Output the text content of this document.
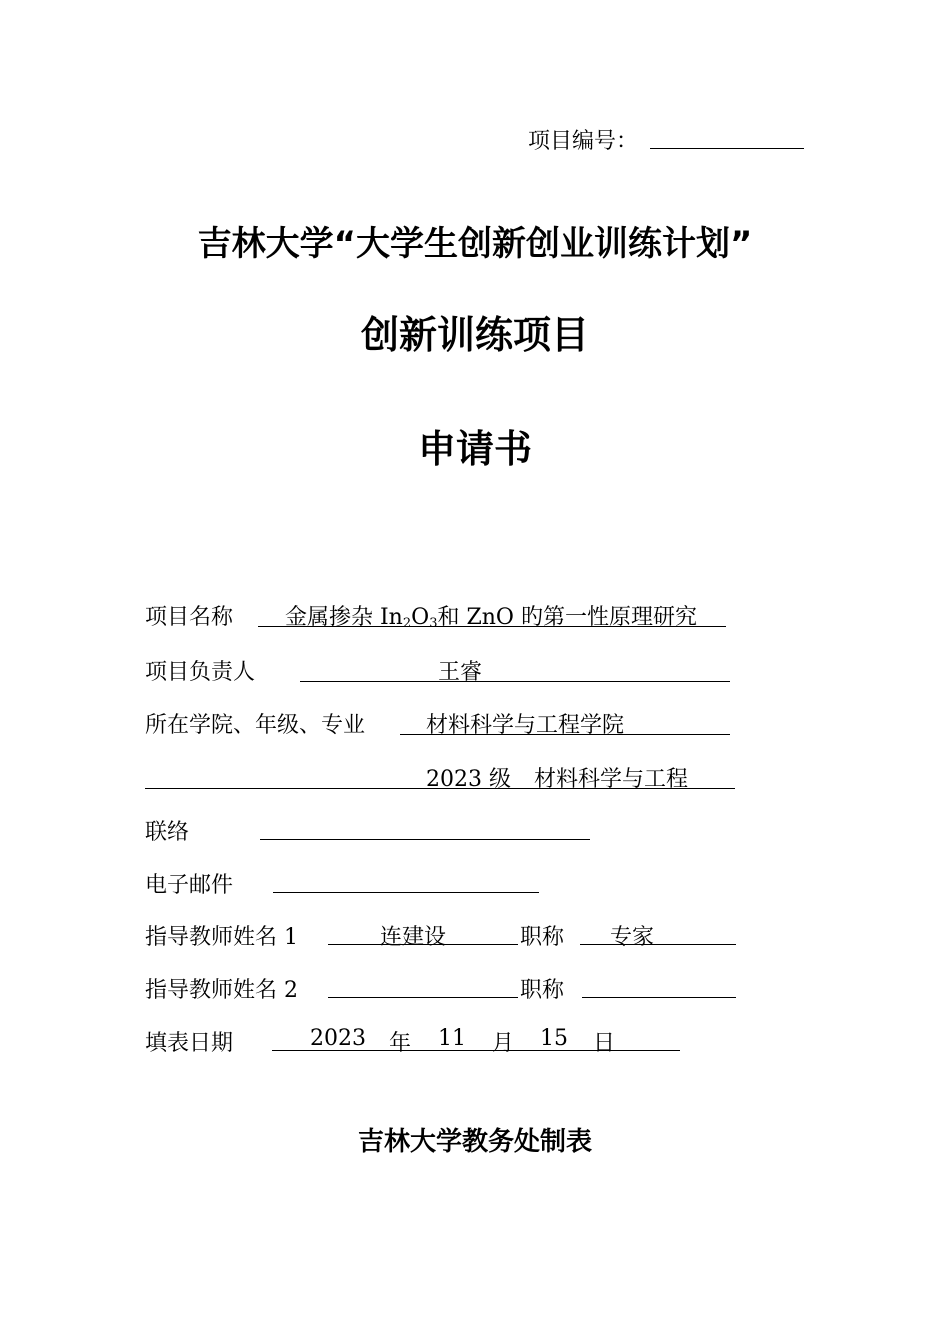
项目编号：
吉林大学“大学生创新创业训练计划”
创新训练项目
申请书
项目名称 金属掺杂 $In_2O_3$和 ZnO 旳第一性原理研究
项目负责人	王睿
所在学院、年级、专业	材料科学与工程学院
2023 级 材料科学与工程
联络
电子邮件
指导教师姓名 1	连建设	职称 专家
指导教师姓名 2	职称
填表日期	2023 年 11 月 15 日
吉林大学教务处制表
